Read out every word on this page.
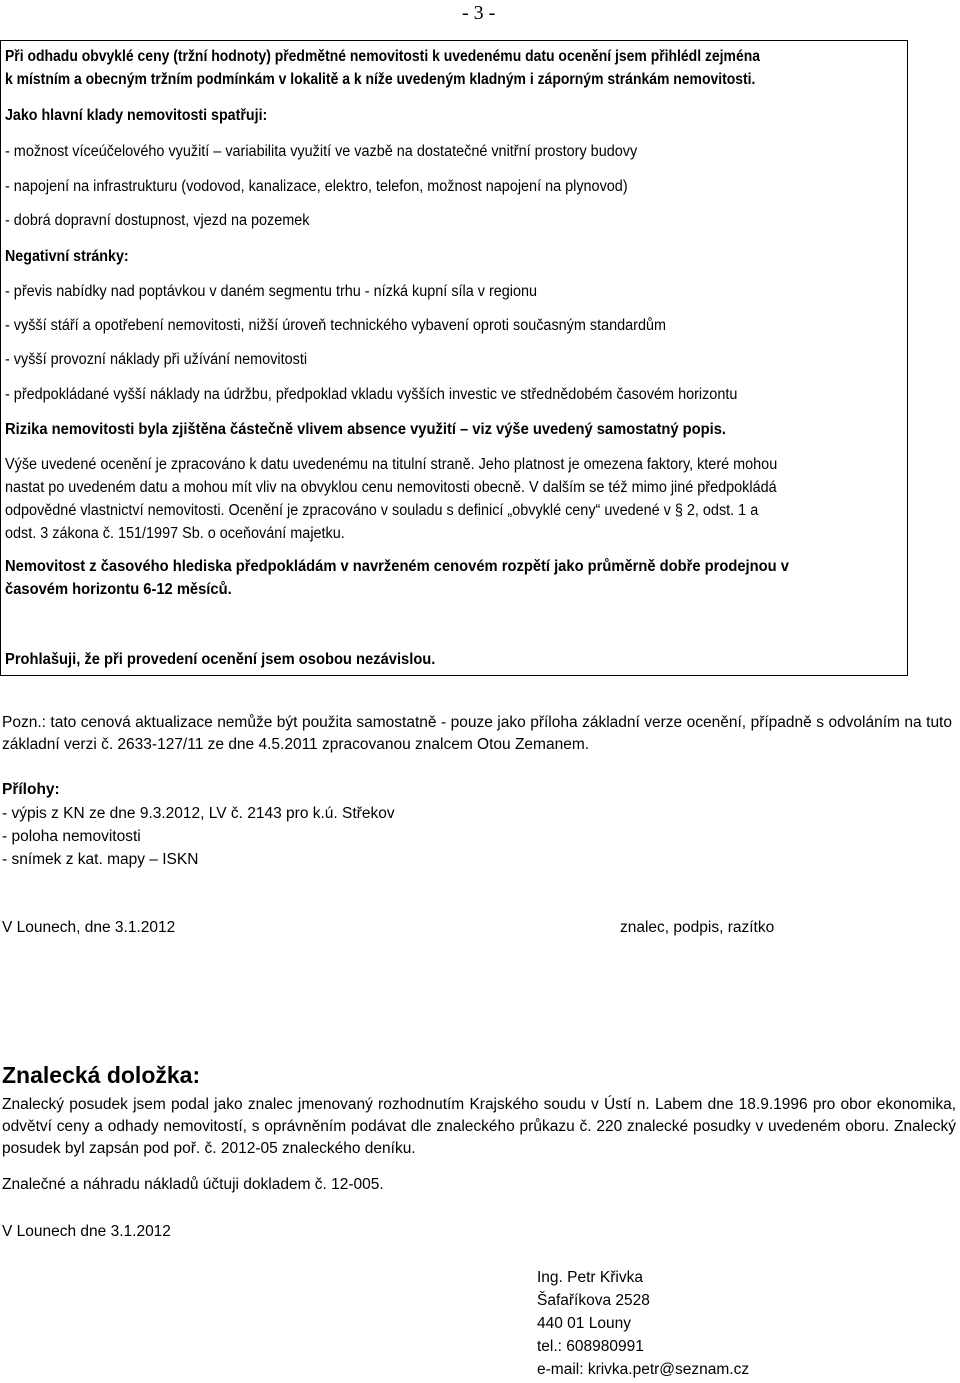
- 3 -
Při odhadu obvyklé ceny (tržní hodnoty) předmětné nemovitosti k uvedenému datu ocenění jsem přihlédl zejména
k místním a obecným tržním podmínkám v lokalitě a k níže uvedeným kladným i záporným stránkám nemovitosti.
Jako hlavní klady nemovitosti spatřuji:
- možnost víceúčelového využití – variabilita využití ve vazbě na dostatečné vnitřní prostory budovy
- napojení na infrastrukturu (vodovod, kanalizace, elektro, telefon, možnost napojení na plynovod)
- dobrá dopravní dostupnost, vjezd na pozemek
Negativní stránky:
- převis nabídky nad poptávkou v daném segmentu trhu - nízká kupní síla v regionu
- vyšší stáří a opotřebení nemovitosti, nižší úroveň technického vybavení oproti současným standardům
- vyšší provozní náklady při užívání nemovitosti
- předpokládané vyšší náklady na údržbu, předpoklad vkladu vyšších investic ve střednědobém časovém horizontu
Rizika nemovitosti byla zjištěna částečně vlivem absence využití – viz výše uvedený samostatný popis.
Výše uvedené ocenění je zpracováno k datu uvedenému na titulní straně. Jeho platnost je omezena faktory, které mohou
nastat po uvedeném datu a mohou mít vliv na obvyklou cenu nemovitosti obecně. V dalším se též mimo jiné předpokládá
odpovědné vlastnictví nemovitosti. Ocenění je zpracováno v souladu s definicí „obvyklé ceny“ uvedené v § 2, odst. 1 a
odst. 3 zákona č. 151/1997 Sb. o oceňování majetku.
Nemovitost z časového hlediska předpokládám v navrženém cenovém rozpětí jako průměrně dobře prodejnou v
časovém horizontu 6-12 měsíců.
Prohlašuji, že při provedení ocenění jsem osobou nezávislou.
Pozn.: tato cenová aktualizace nemůže být použita samostatně - pouze jako příloha základní verze ocenění, případně s odvoláním na tuto základní verzi č. 2633-127/11 ze dne 4.5.2011 zpracovanou znalcem Otou Zemanem.
Přílohy:
- výpis z KN ze dne 9.3.2012, LV č. 2143 pro k.ú. Střekov
- poloha nemovitosti
- snímek z kat. mapy – ISKN
V Lounech, dne 3.1.2012	znalec, podpis, razítko
Znalecká doložka:
Znalecký posudek jsem podal jako znalec jmenovaný rozhodnutím Krajského soudu v Ústí n. Labem dne 18.9.1996 pro obor ekonomika, odvětví ceny a odhady nemovitostí, s oprávněním podávat dle znaleckého průkazu č. 220 znalecké posudky v uvedeném oboru. Znalecký posudek byl zapsán pod poř. č. 2012-05 znaleckého deníku.
Znalečné a náhradu nákladů účtuji dokladem č. 12-005.
V Lounech dne 3.1.2012
Ing. Petr Křivka
Šafaříkova 2528
440 01 Louny
tel.: 608980991
e-mail: krivka.petr@seznam.cz
